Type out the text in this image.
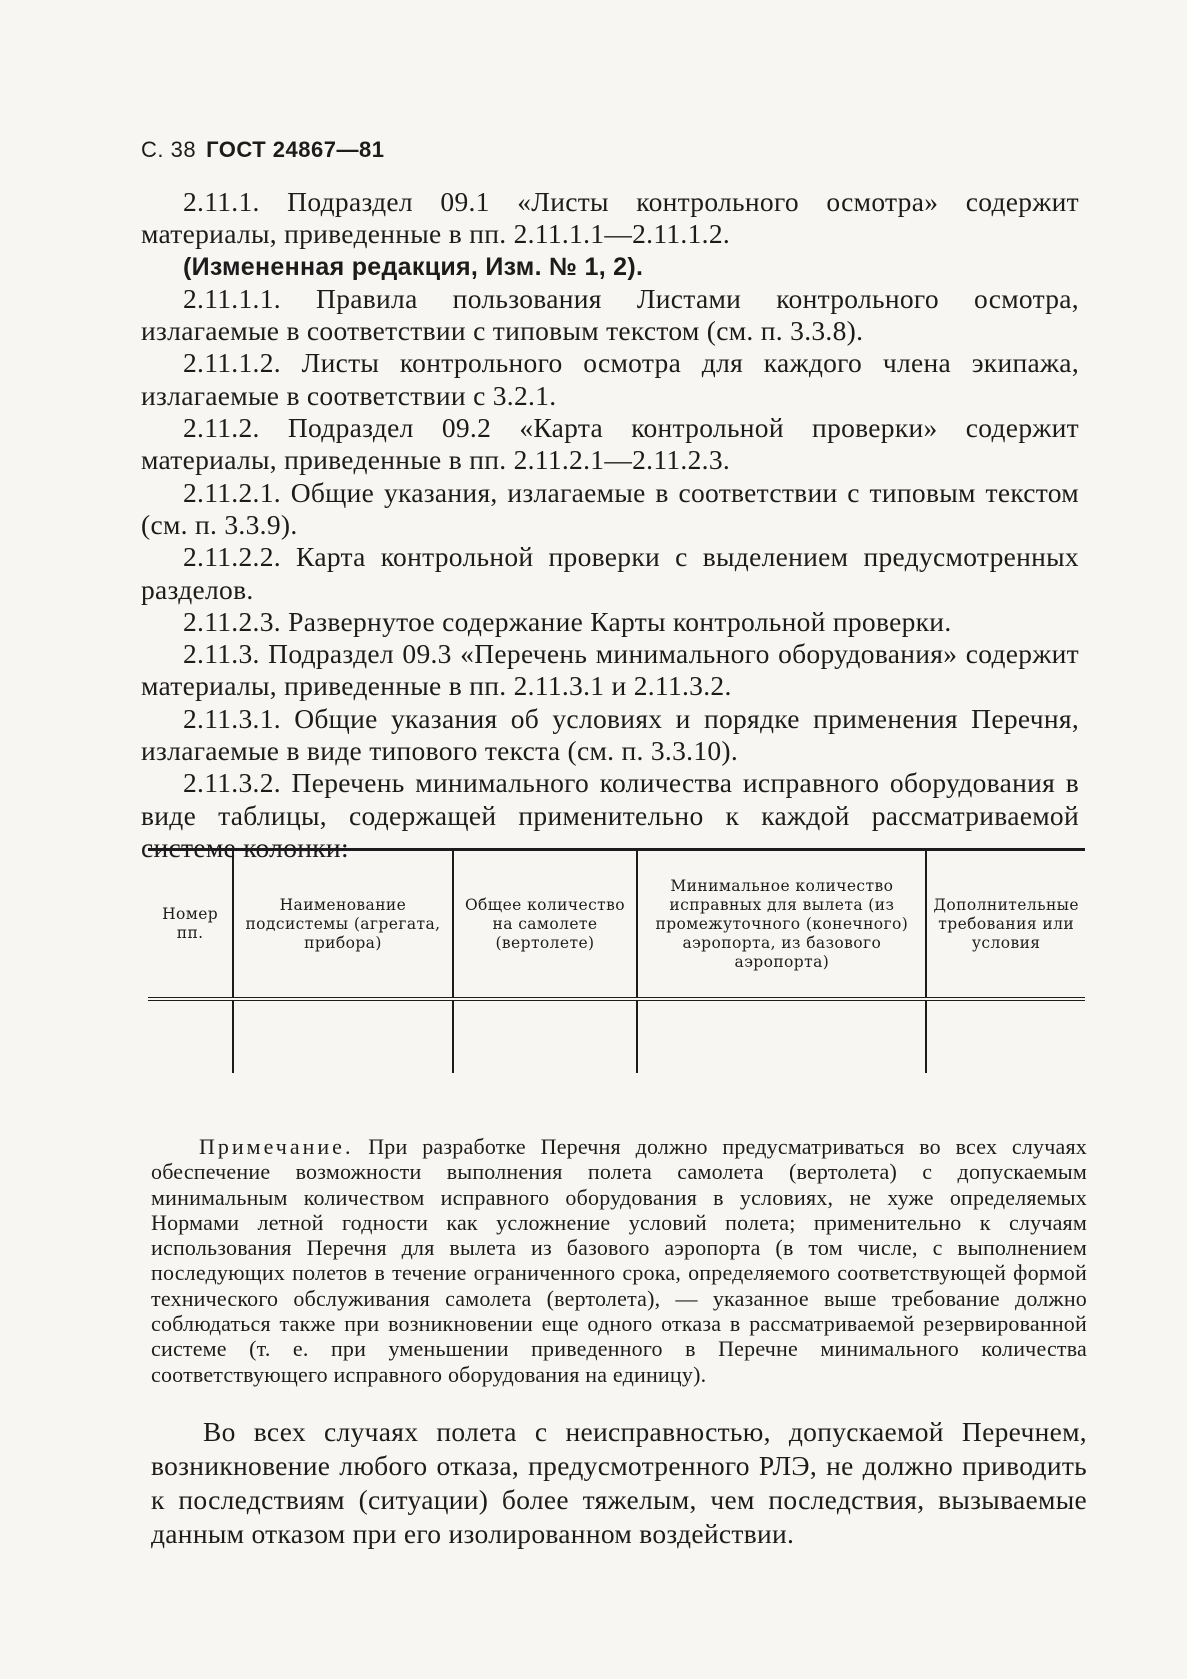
С. 38 ГОСТ 24867—81

2.11.1. Подраздел 09.1 «Листы контрольного осмотра» содержит материалы, приведенные в пп. 2.11.1.1—2.11.1.2.

(Измененная редакция, Изм. № 1, 2).

2.11.1.1. Правила пользования Листами контрольного осмотра, излагаемые в соответствии с типовым текстом (см. п. 3.3.8).

2.11.1.2. Листы контрольного осмотра для каждого члена экипажа, излагаемые в соответствии с 3.2.1.

2.11.2. Подраздел 09.2 «Карта контрольной проверки» содержит материалы, приведенные в пп. 2.11.2.1—2.11.2.3.

2.11.2.1. Общие указания, излагаемые в соответствии с типовым текстом (см. п. 3.3.9).

2.11.2.2. Карта контрольной проверки с выделением предусмотренных разделов.

2.11.2.3. Развернутое содержание Карты контрольной проверки.

2.11.3. Подраздел 09.3 «Перечень минимального оборудования» содержит материалы, приведенные в пп. 2.11.3.1 и 2.11.3.2.

2.11.3.1. Общие указания об условиях и порядке применения Перечня, излагаемые в виде типового текста (см. п. 3.3.10).

2.11.3.2. Перечень минимального количества исправного оборудования в виде таблицы, содержащей применительно к каждой рассматриваемой системе колонки:

Номер пп.	Наименование подсистемы (агрегата, прибора)	Общее количество на самолете (вертолете)	Минимальное количество исправных для вылета (из промежуточного (конечного) аэропорта, из базового аэропорта)	Дополнительные требования или условия

Примечание. При разработке Перечня должно предусматриваться во всех случаях обеспечение возможности выполнения полета самолета (вертолета) с допускаемым минимальным количеством исправного оборудования в условиях, не хуже определяемых Нормами летной годности как усложнение условий полета; применительно к случаям использования Перечня для вылета из базового аэропорта (в том числе, с выполнением последующих полетов в течение ограниченного срока, определяемого соответствующей формой технического обслуживания самолета (вертолета), — указанное выше требование должно соблюдаться также при возникновении еще одного отказа в рассматриваемой резервированной системе (т. е. при уменьшении приведенного в Перечне минимального количества соответствующего исправного оборудования на единицу).

Во всех случаях полета с неисправностью, допускаемой Перечнем, возникновение любого отказа, предусмотренного РЛЭ, не должно приводить к последствиям (ситуации) более тяжелым, чем последствия, вызываемые данным отказом при его изолированном воздействии.
